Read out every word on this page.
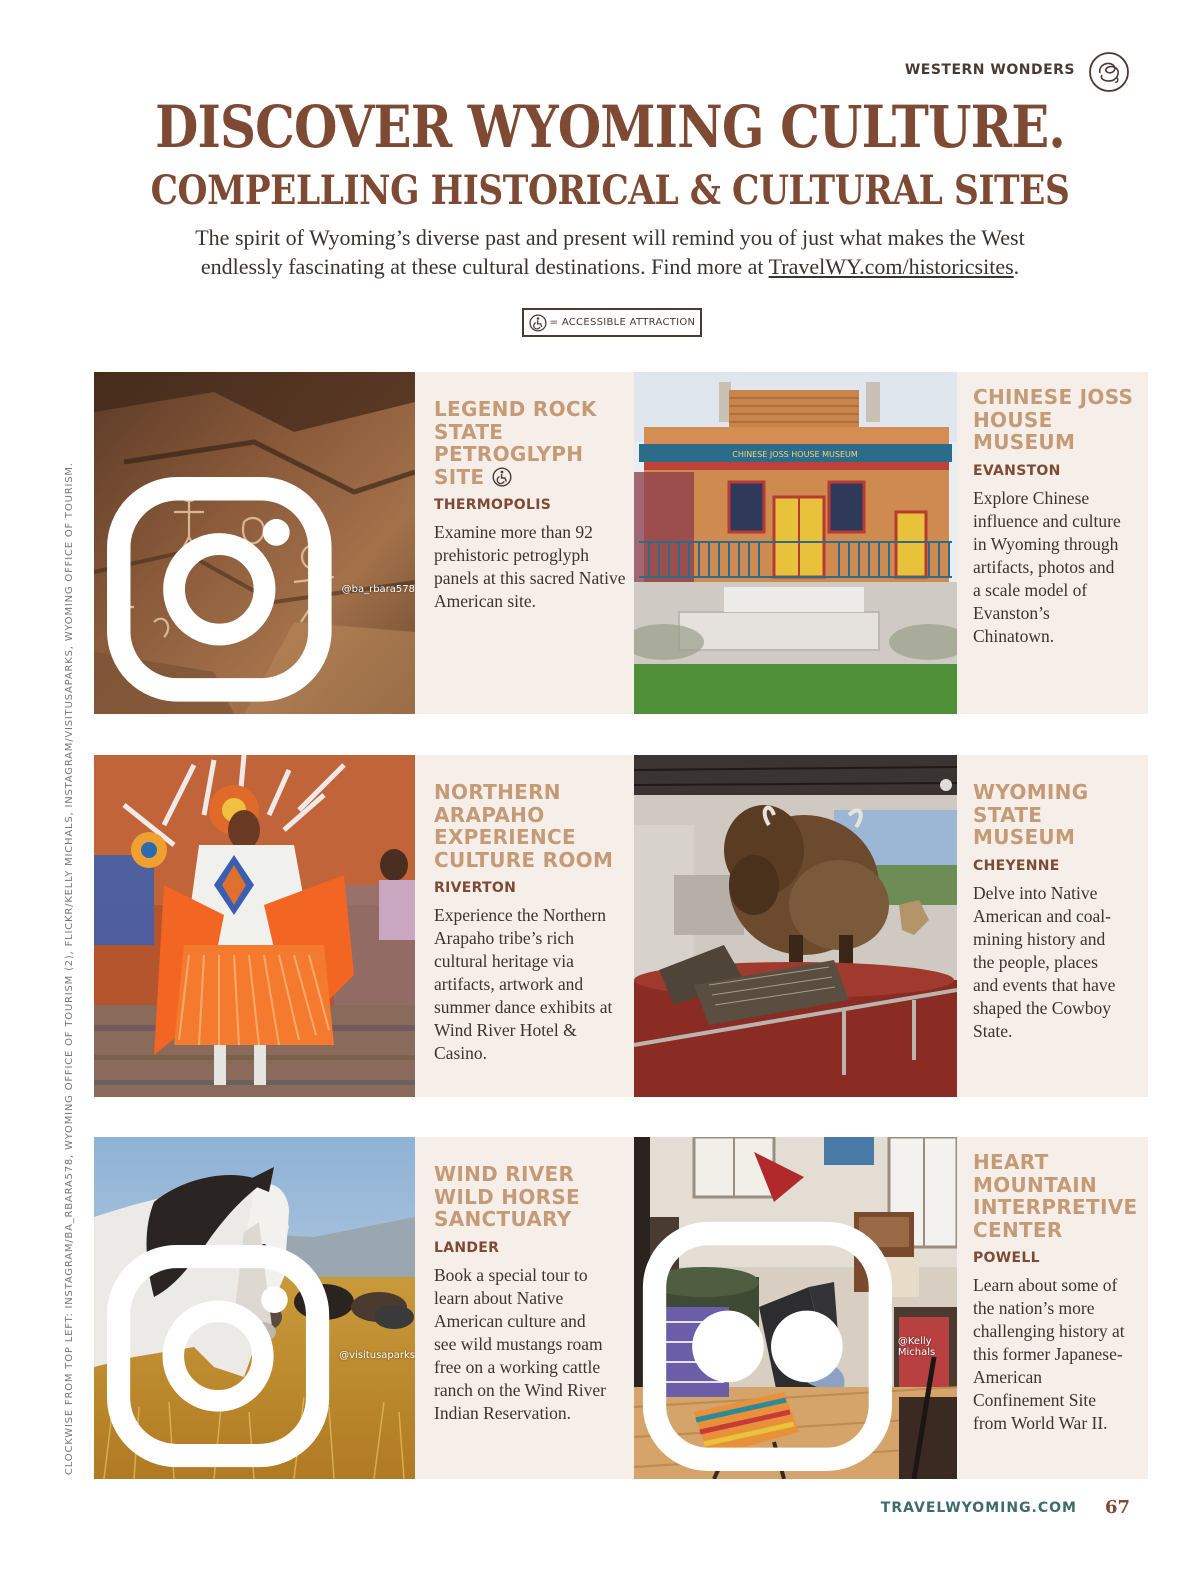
WESTERN WONDERS
DISCOVER WYOMING CULTURE.
COMPELLING HISTORICAL & CULTURAL SITES
The spirit of Wyoming’s diverse past and present will remind you of just what makes the West endlessly fascinating at these cultural destinations. Find more at TravelWY.com/historicsites.
= ACCESSIBLE ATTRACTION
CLOCKWISE FROM TOP LEFT: INSTAGRAM/BA_RBARA578, WYOMING OFFICE OF TOURISM (2), FLICKR/KELLY MICHALS, INSTAGRAM/VISITUSAPARKS, WYOMING OFFICE OF TOURISM.	@ba_rbara578
LEGEND ROCK STATE PETROGLYPH SITE
THERMOPOLIS
Examine more than 92 prehistoric petroglyph panels at this sacred Native American site.
CHINESE JOSS HOUSE MUSEUM
CHINESE JOSS HOUSE MUSEUM
EVANSTON
Explore Chinese influence and culture in Wyoming through artifacts, photos and a scale model of Evanston’s Chinatown.
NORTHERN ARAPAHO EXPERIENCE CULTURE ROOM
RIVERTON
Experience the Northern Arapaho tribe’s rich cultural heritage via artifacts, artwork and summer dance exhibits at Wind River Hotel & Casino.
WYOMING STATE MUSEUM
CHEYENNE
Delve into Native American and coal-mining history and the people, places and events that have shaped the Cowboy State.
@visitusaparks
WIND RIVER WILD HORSE SANCTUARY
LANDER
Book a special tour to learn about Native American culture and see wild mustangs roam free on a working cattle ranch on the Wind River Indian Reservation.
@Kelly Michals
HEART MOUNTAIN INTERPRETIVE CENTER
POWELL
Learn about some of the nation’s more challenging history at this former Japanese-American Confinement Site from World War II.
TRAVELWYOMING.COM 67
